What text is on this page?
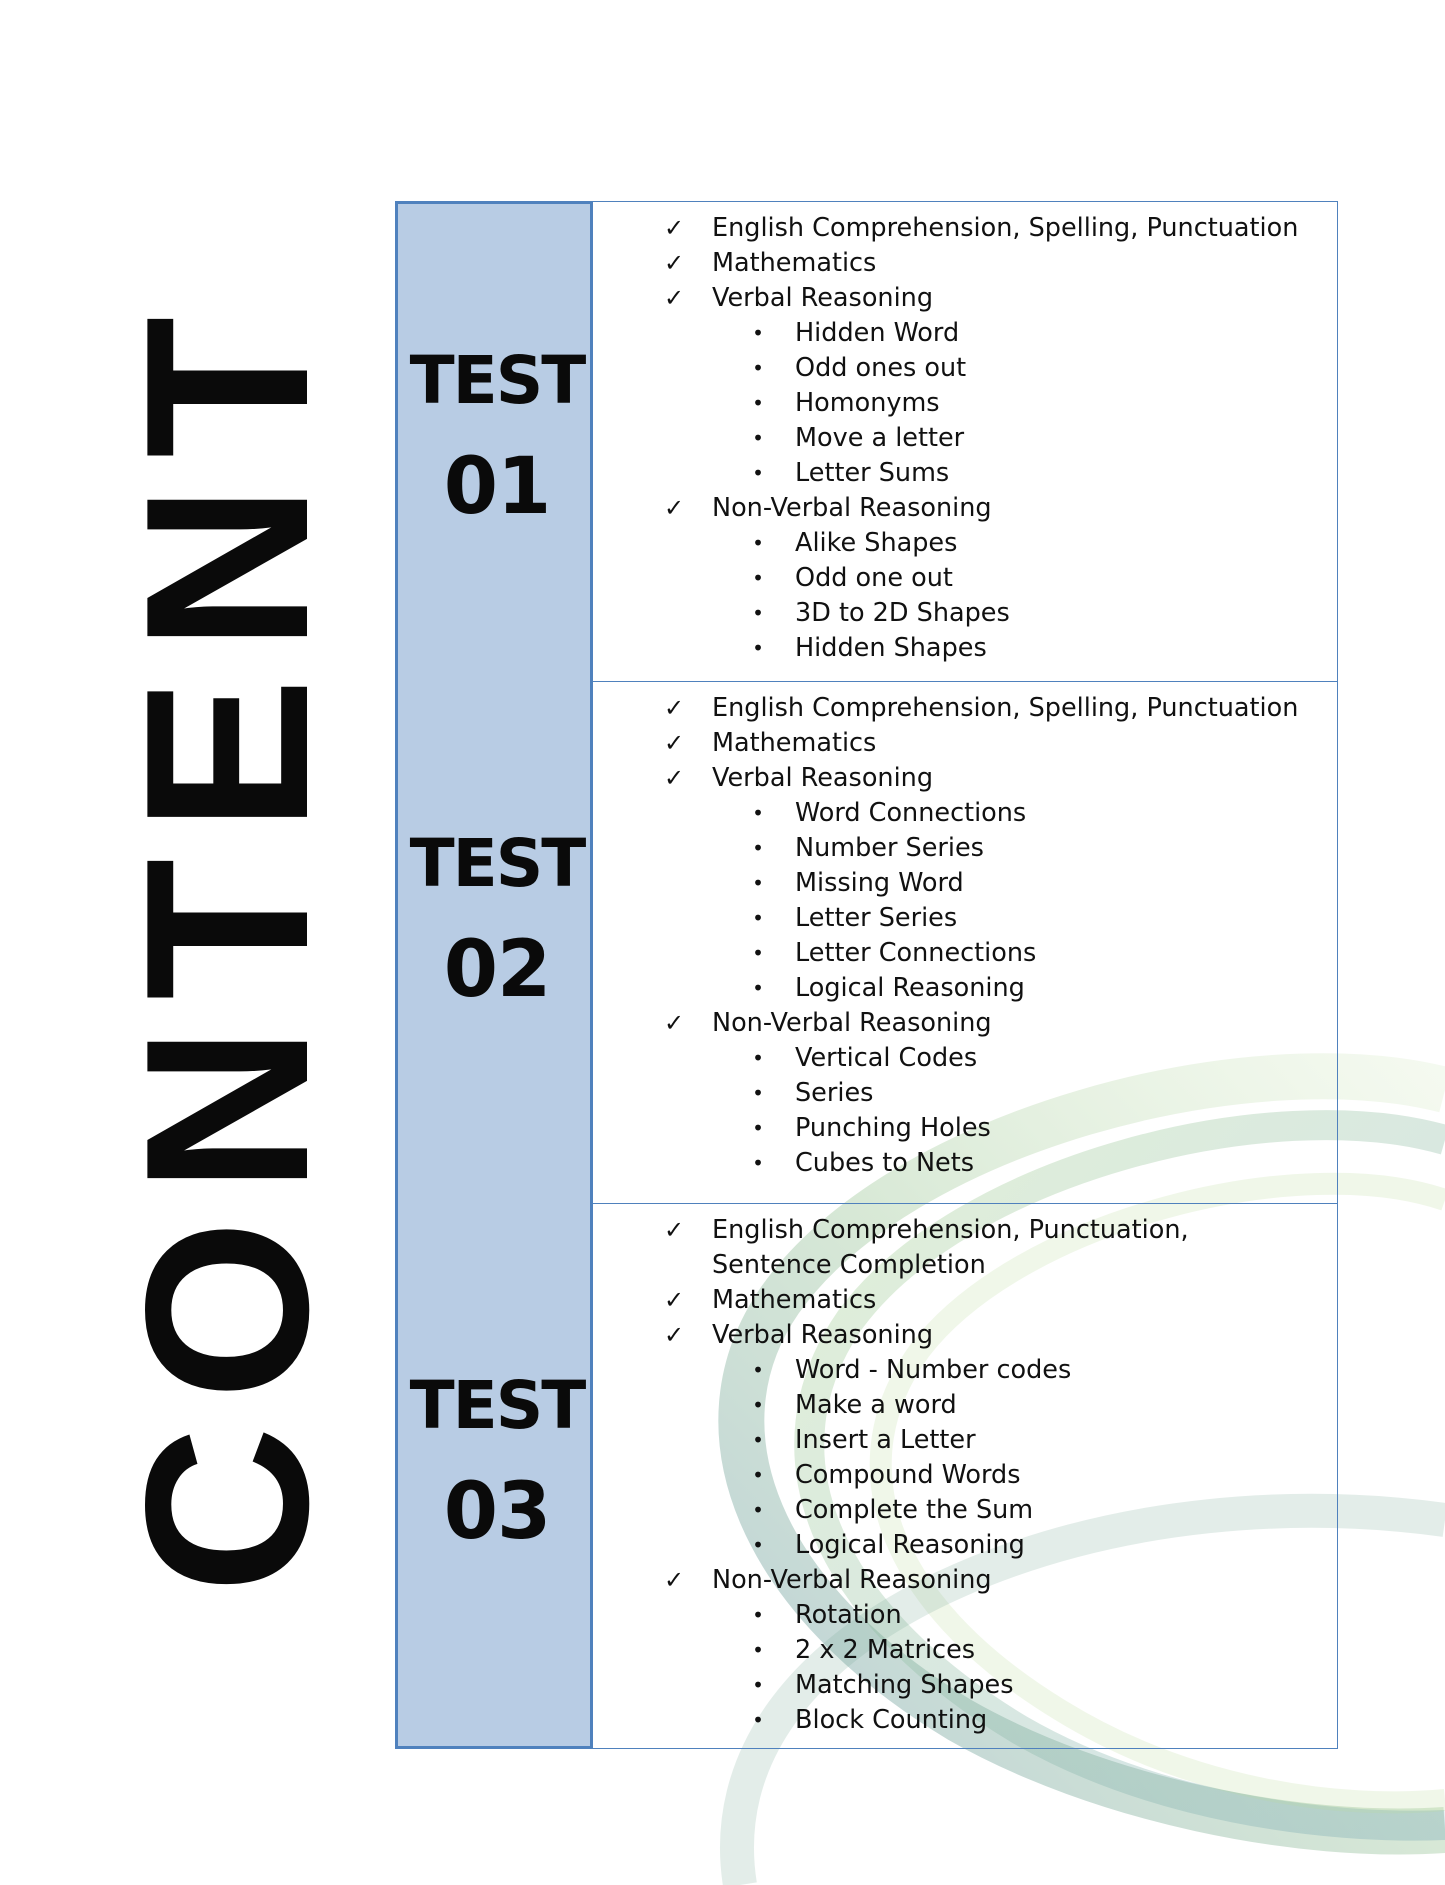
CONTENT TEST
01
✓ English Comprehension, Spelling, Punctuation
✓ Mathematics
✓ Verbal Reasoning
•	Hidden Word
•	Odd ones out
•	Homonyms
•	Move a letter
•	Letter Sums
✓ Non-Verbal Reasoning
•	Alike Shapes
•	Odd one out
•	3D to 2D Shapes
•	Hidden Shapes
TEST
02
✓ English Comprehension, Spelling, Punctuation
✓ Mathematics
✓ Verbal Reasoning
•	Word Connections
•	Number Series
•	Missing Word
•	Letter Series
•	Letter Connections
•	Logical Reasoning
✓ Non-Verbal Reasoning
•	Vertical Codes
•	Series
•	Punching Holes
•	Cubes to Nets
TEST
03
✓ English Comprehension, Punctuation,
Sentence Completion
✓ Mathematics
✓ Verbal Reasoning
•	Word - Number codes
•	Make a word
•	Insert a Letter
•	Compound Words
•	Complete the Sum
•	Logical Reasoning
✓ Non-Verbal Reasoning
•	Rotation
•	2 x 2 Matrices
•	Matching Shapes
•	Block Counting
